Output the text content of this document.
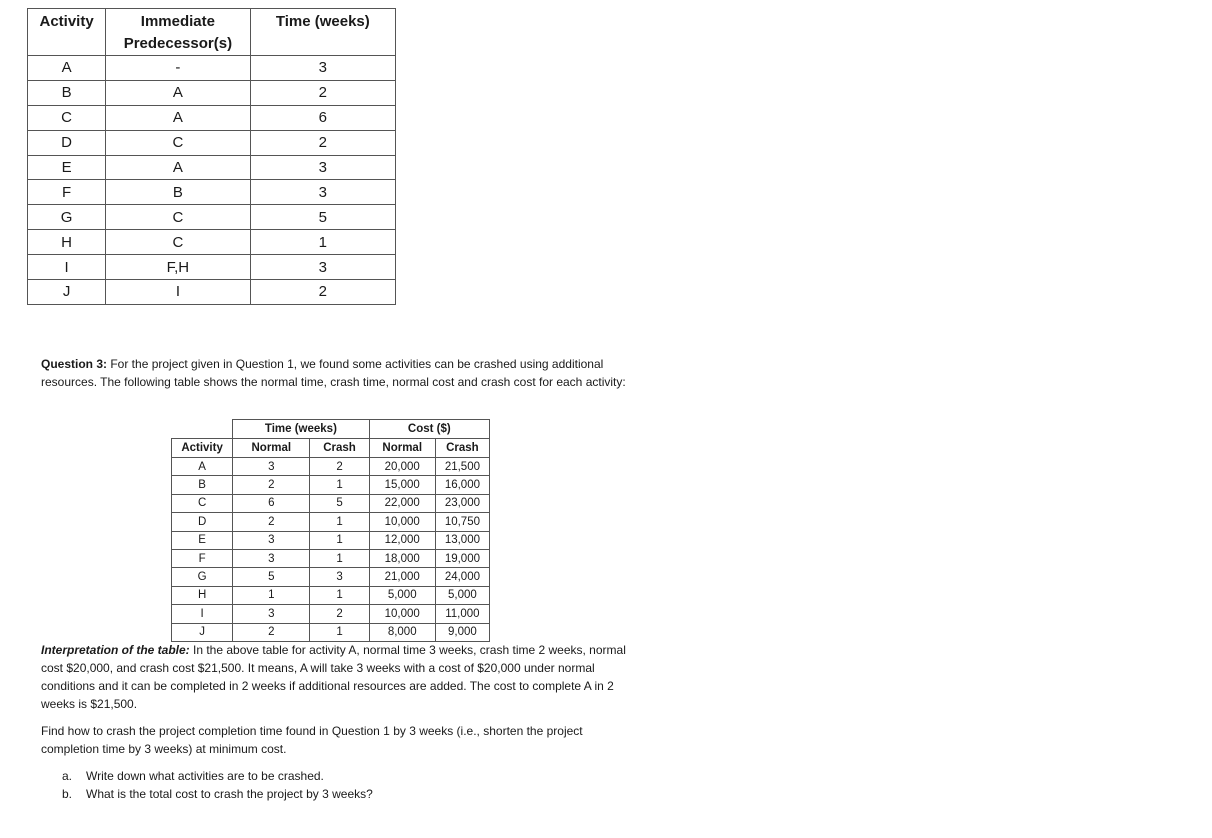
Activity	Immediate Predecessor(s)	Time (weeks)
A	-	3
B	A	2
C	A	6
D	C	2
E	A	3
F	B	3
G	C	5
H	C	1
I	F,H	3
J	I	2

Question 3: For the project given in Question 1, we found some activities can be crashed using additional resources. The following table shows the normal time, crash time, normal cost and crash cost for each activity:

	Time (weeks)		Cost ($)	
Activity	Normal	Crash	Normal	Crash
A	3	2	20,000	21,500
B	2	1	15,000	16,000
C	6	5	22,000	23,000
D	2	1	10,000	10,750
E	3	1	12,000	13,000
F	3	1	18,000	19,000
G	5	3	21,000	24,000
H	1	1	5,000	5,000
I	3	2	10,000	11,000
J	2	1	8,000	9,000

Interpretation of the table: In the above table for activity A, normal time 3 weeks, crash time 2 weeks, normal cost $20,000, and crash cost $21,500. It means, A will take 3 weeks with a cost of $20,000 under normal conditions and it can be completed in 2 weeks if additional resources are added. The cost to complete A in 2 weeks is $21,500.

Find how to crash the project completion time found in Question 1 by 3 weeks (i.e., shorten the project completion time by 3 weeks) at minimum cost.

a.	Write down what activities are to be crashed.
b.	What is the total cost to crash the project by 3 weeks?
